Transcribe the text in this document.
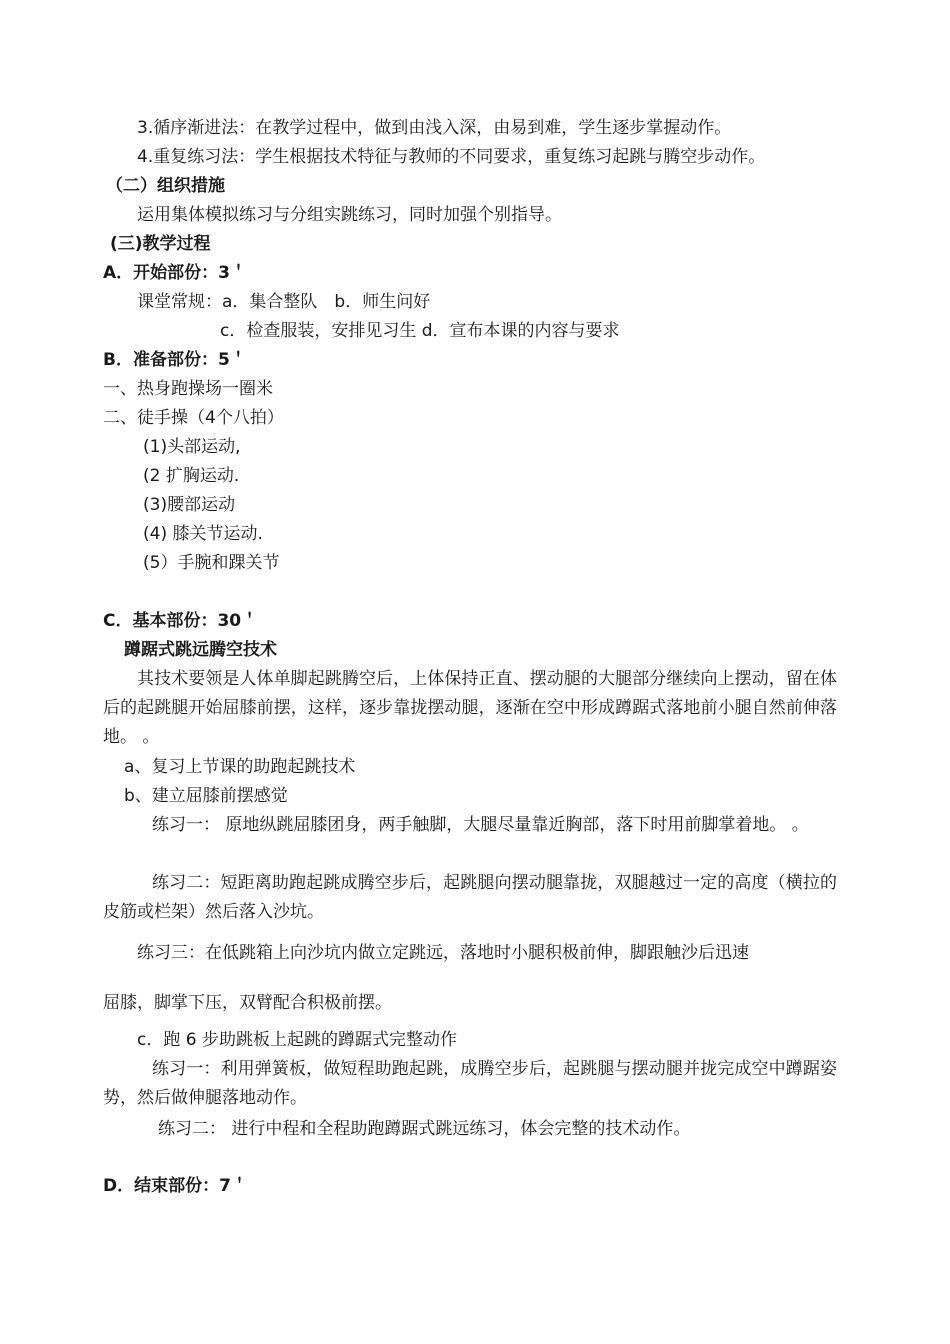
3.循序渐进法：在教学过程中，做到由浅入深，由易到难，学生逐步掌握动作。
4.重复练习法：学生根据技术特征与教师的不同要求，重复练习起跳与腾空步动作。
（二）组织措施
运用集体模拟练习与分组实跳练习，同时加强个别指导。
(三)教学过程
A．开始部份：3＇
课堂常规：a．集合整队　b．师生问好
c．检查服装，安排见习生 d．宣布本课的内容与要求
B．准备部份：5＇
一、热身跑操场一圈米
二、徒手操（4个八拍）
(1)头部运动,
(2 扩胸运动.
(3)腰部运动
(4) 膝关节运动.
(5）手腕和踝关节
C．基本部份：30＇
蹲踞式跳远腾空技术
其技术要领是人体单脚起跳腾空后，上体保持正直、摆动腿的大腿部分继续向上摆动，留在体后的起跳腿开始屈膝前摆，这样，逐步靠拢摆动腿，逐渐在空中形成蹲踞式落地前小腿自然前伸落地。 。
a、复习上节课的助跑起跳技术
b、建立屈膝前摆感觉
练习一： 原地纵跳屈膝团身，两手触脚，大腿尽量靠近胸部，落下时用前脚掌着地。 。
练习二：短距离助跑起跳成腾空步后，起跳腿向摆动腿靠拢，双腿越过一定的高度（横拉的皮筋或栏架）然后落入沙坑。
练习三：在低跳箱上向沙坑内做立定跳远，落地时小腿积极前伸，脚跟触沙后迅速
屈膝，脚掌下压，双臂配合积极前摆。
c．跑 6 步助跳板上起跳的蹲踞式完整动作
练习一：利用弹簧板，做短程助跑起跳，成腾空步后，起跳腿与摆动腿并拢完成空中蹲踞姿势，然后做伸腿落地动作。
练习二： 进行中程和全程助跑蹲踞式跳远练习，体会完整的技术动作。
D．结束部份：7＇
